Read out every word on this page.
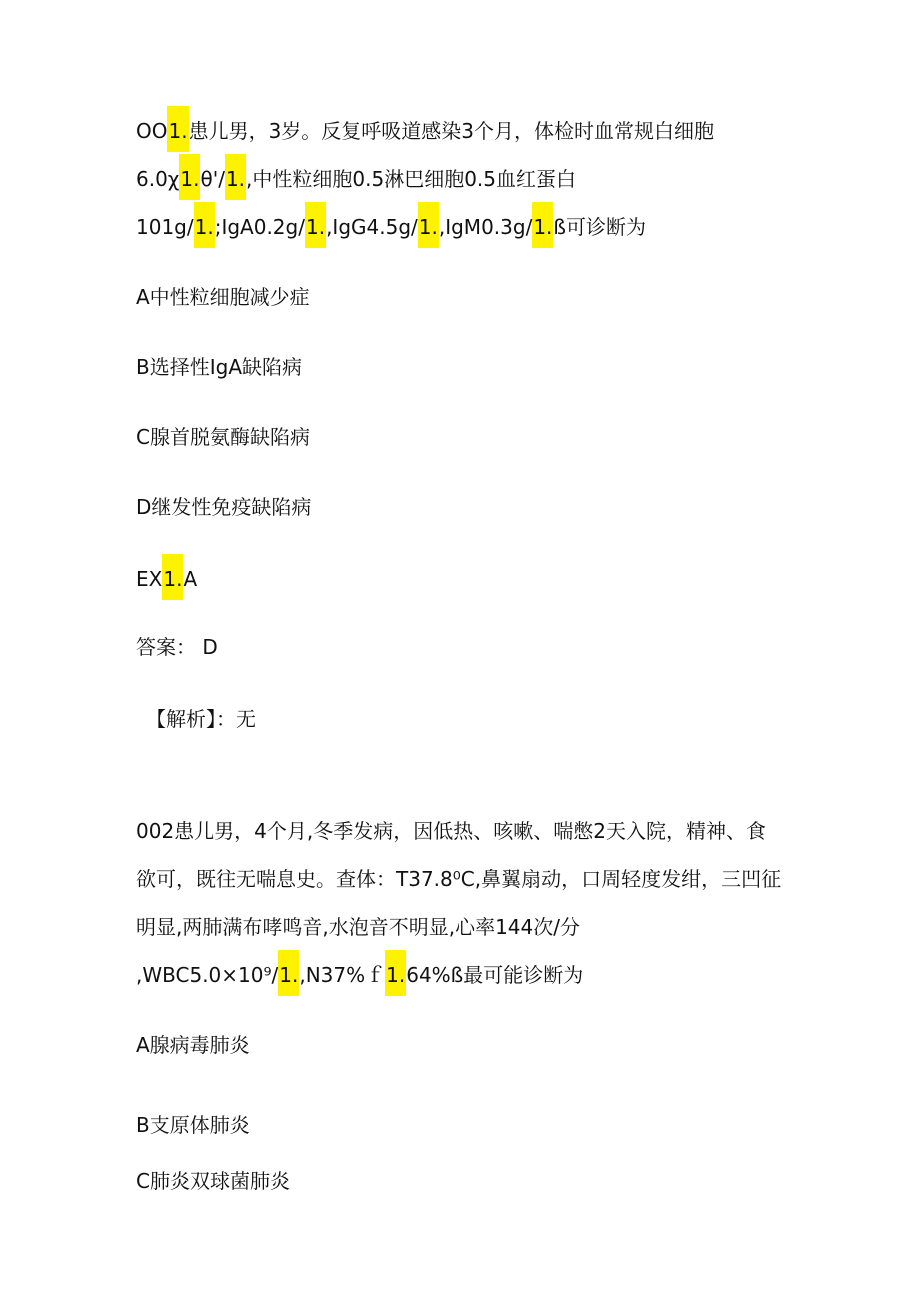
OO1.患儿男，3岁。反复呼吸道感染3个月，体检时血常规白细胞
6.0χ1.θ'/1.,中性粒细胞0.5淋巴细胞0.5血红蛋白
101g/1.;IgA0.2g/1.,IgG4.5g/1.,IgM0.3g/1.ß可诊断为
A中性粒细胞减少症
B选择性IgA缺陷病
C腺首脱氨酶缺陷病
D继发性免疫缺陷病
EX1.A
答案： D
【解析】：无
002患儿男，4个月,冬季发病，因低热、咳嗽、喘憋2天入院，精神、食
欲可，既往无喘息史。查体：T37.8⁰C,鼻翼扇动，口周轻度发绀，三凹征
明显,两肺满布哮鸣音,水泡音不明显,心率144次/分
,WBC5.0×10⁹/1.,N37%ｆ1.64%ß最可能诊断为
A腺病毒肺炎
B支原体肺炎
C肺炎双球菌肺炎
